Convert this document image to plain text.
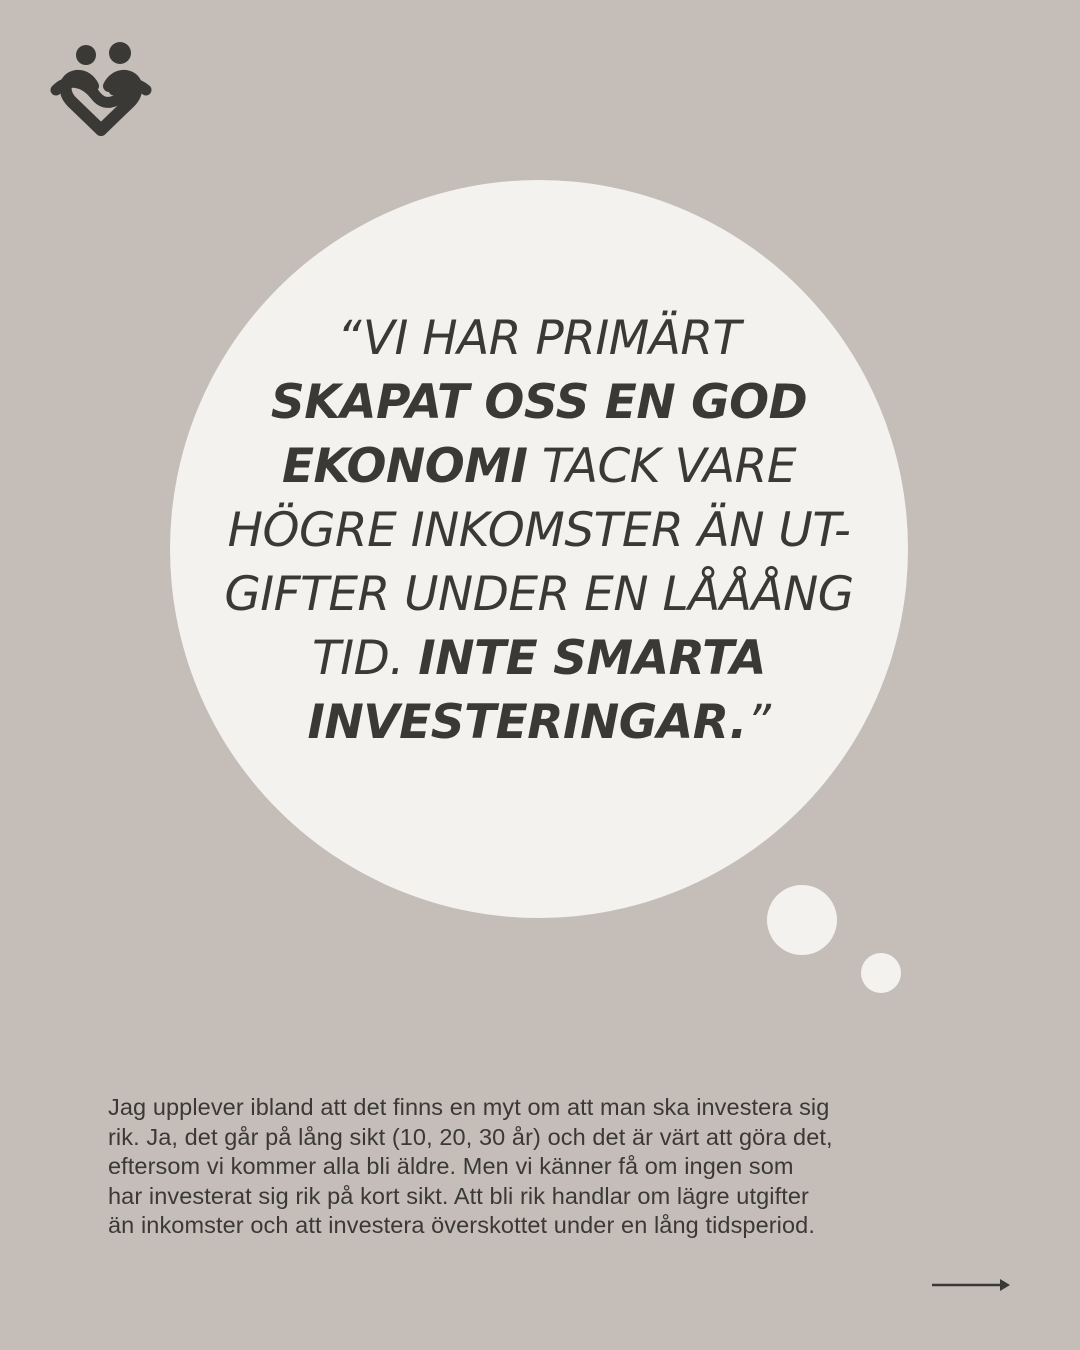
“VI HAR PRIMÄRT
SKAPAT OSS EN GOD
EKONOMI TACK VARE
HÖGRE INKOMSTER ÄN UT-
GIFTER UNDER EN LÅÅÅNG
TID. INTE SMARTA
INVESTERINGAR.”
Jag upplever ibland att det finns en myt om att man ska investera sig
rik. Ja, det går på lång sikt (10, 20, 30 år) och det är värt att göra det,
eftersom vi kommer alla bli äldre. Men vi känner få om ingen som
har investerat sig rik på kort sikt. Att bli rik handlar om lägre utgifter
än inkomster och att investera överskottet under en lång tidsperiod.
